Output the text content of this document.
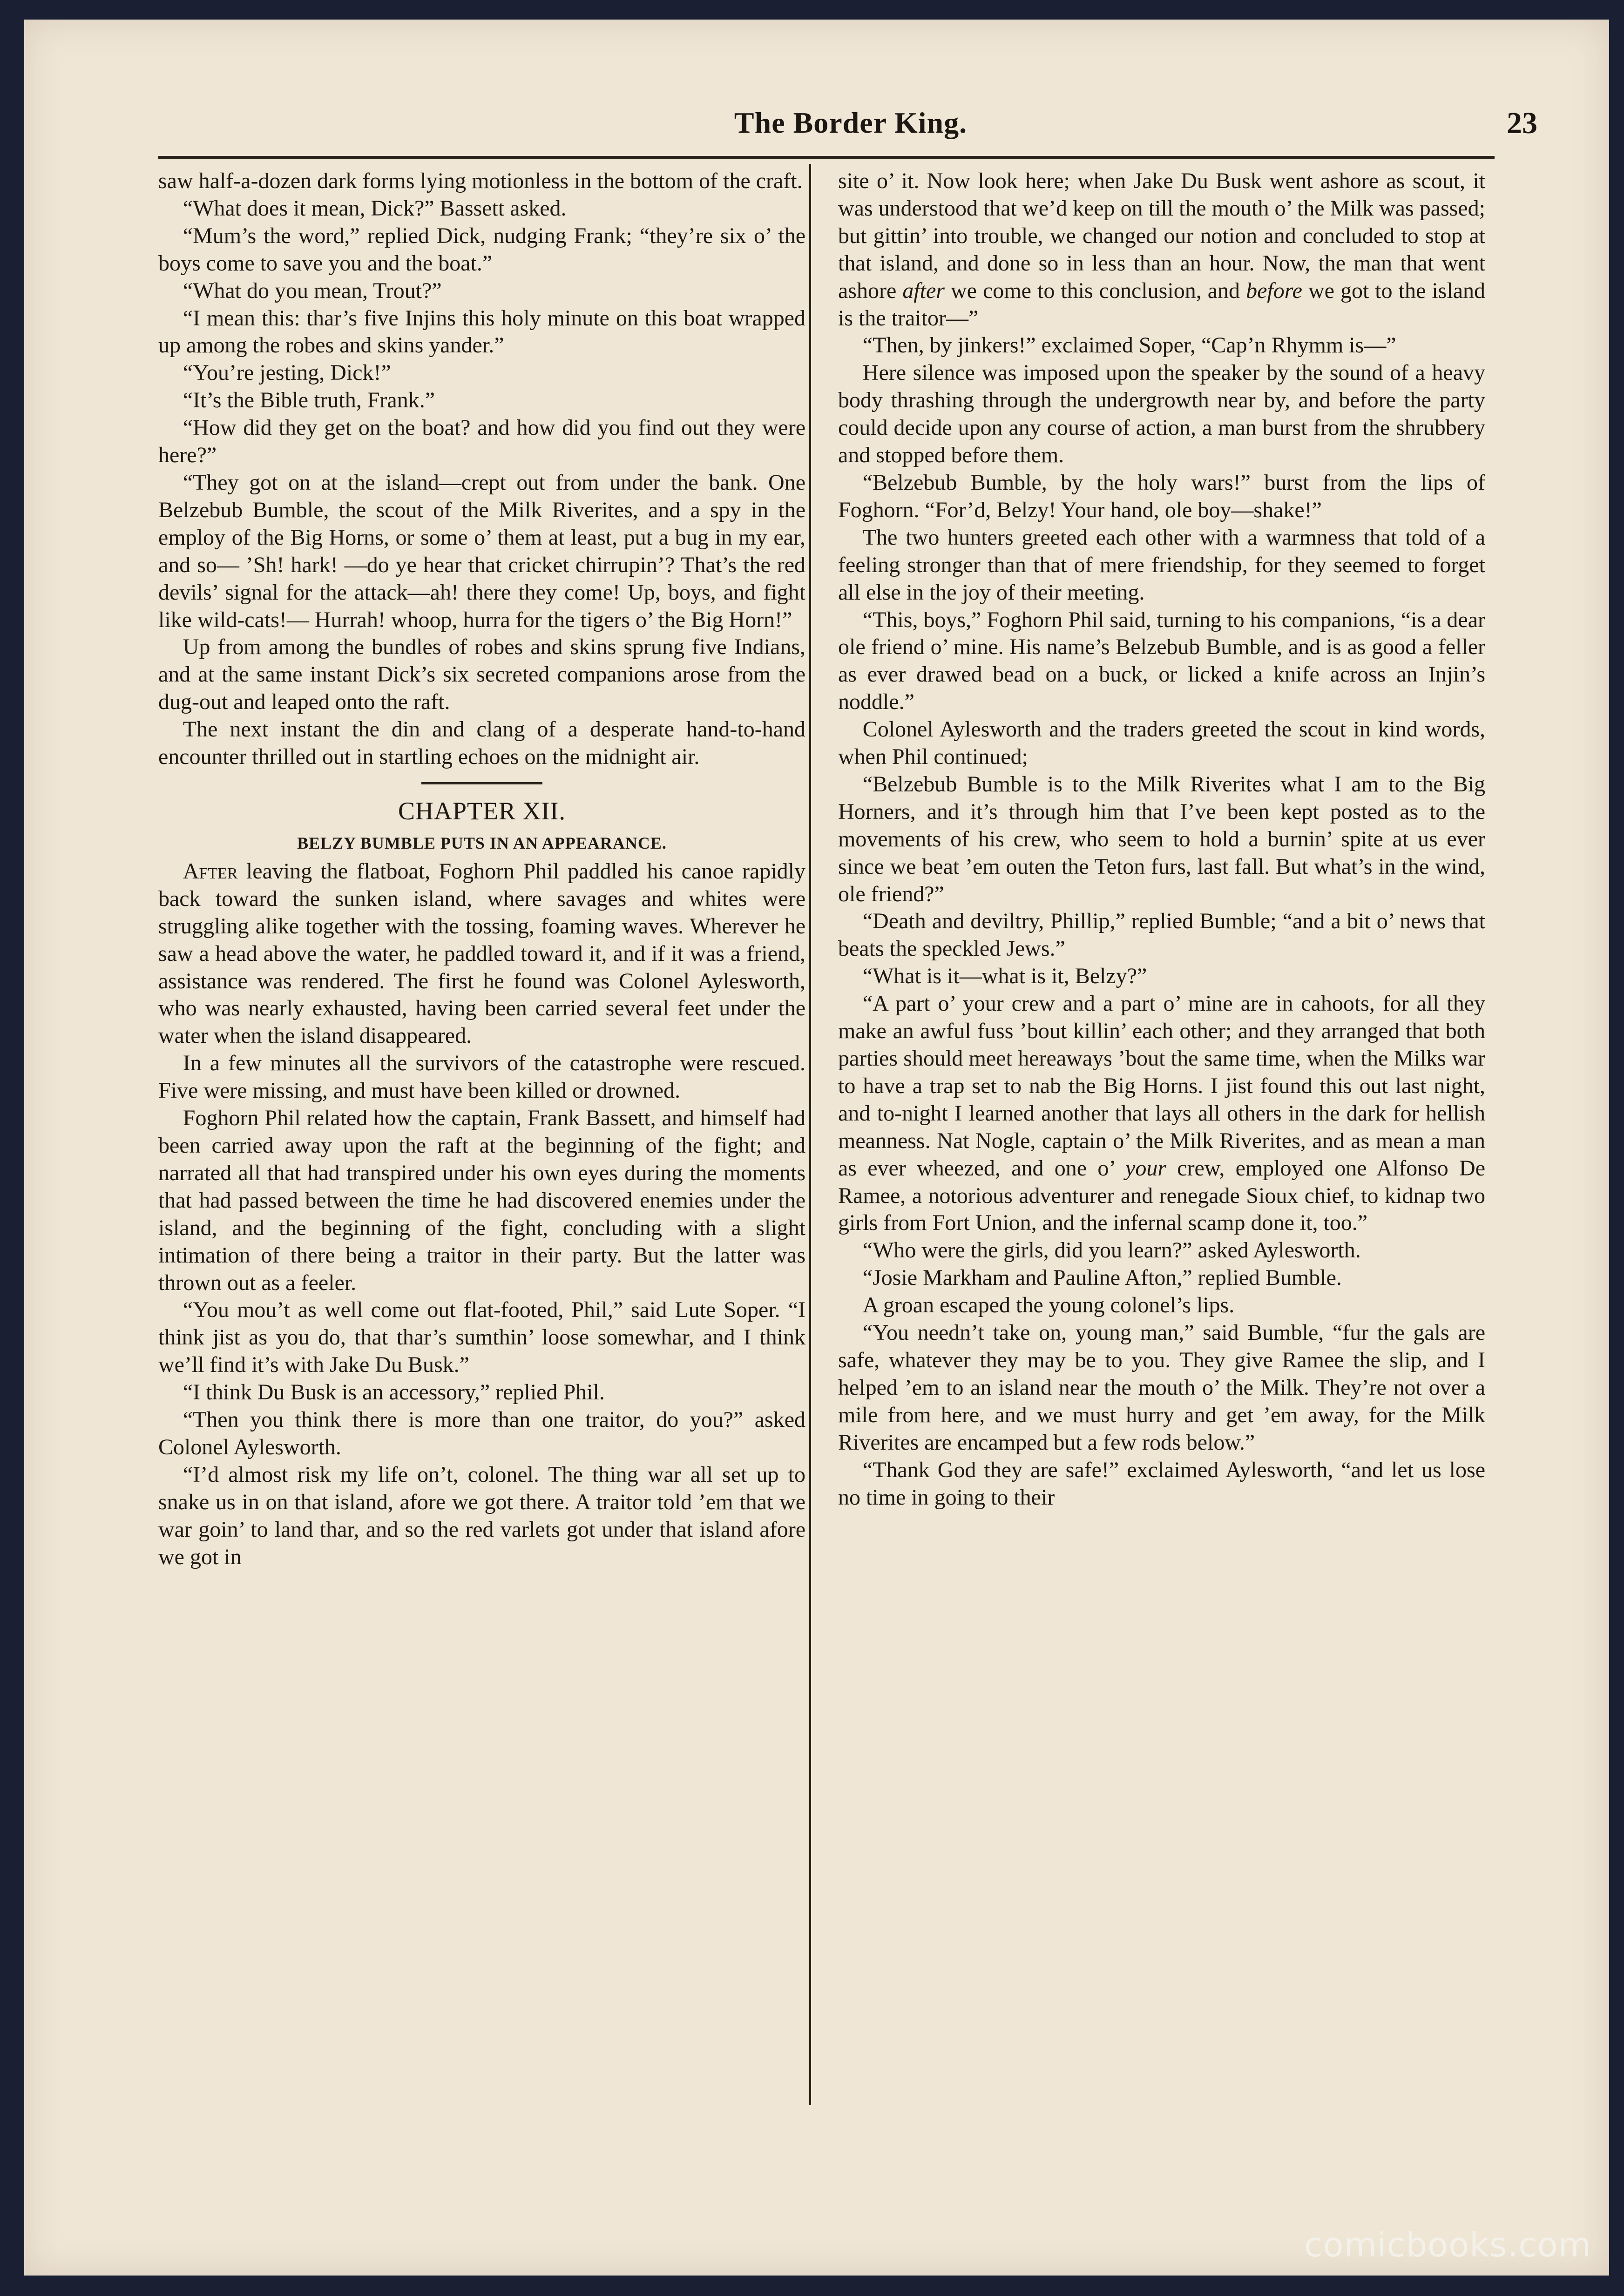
The Border King.	23

saw half-a-dozen dark forms lying motionless in the bottom of the craft.

“What does it mean, Dick?” Bassett asked.

“Mum’s the word,” replied Dick, nudging Frank; “they’re six o’ the boys come to save you and the boat.”

“What do you mean, Trout?”

“I mean this: thar’s five Injins this holy minute on this boat wrapped up among the robes and skins yander.”

“You’re jesting, Dick!”

“It’s the Bible truth, Frank.”

“How did they get on the boat? and how did you find out they were here?”

“They got on at the island—crept out from under the bank. One Belzebub Bumble, the scout of the Milk Riverites, and a spy in the employ of the Big Horns, or some o’ them at least, put a bug in my ear, and so— ’Sh! hark! —do ye hear that cricket chirrupin’? That’s the red devils’ signal for the attack—ah! there they come! Up, boys, and fight like wild-cats!— Hurrah! whoop, hurra for the tigers o’ the Big Horn!”

Up from among the bundles of robes and skins sprung five Indians, and at the same instant Dick’s six secreted companions arose from the dug-out and leaped onto the raft.

The next instant the din and clang of a desperate hand-to-hand encounter thrilled out in startling echoes on the midnight air.

CHAPTER XII.

BELZY BUMBLE PUTS IN AN APPEARANCE.

After leaving the flatboat, Foghorn Phil paddled his canoe rapidly back toward the sunken island, where savages and whites were struggling alike together with the tossing, foaming waves. Wherever he saw a head above the water, he paddled toward it, and if it was a friend, assistance was rendered. The first he found was Colonel Aylesworth, who was nearly exhausted, having been carried several feet under the water when the island disappeared.

In a few minutes all the survivors of the catastrophe were rescued. Five were missing, and must have been killed or drowned.

Foghorn Phil related how the captain, Frank Bassett, and himself had been carried away upon the raft at the beginning of the fight; and narrated all that had transpired under his own eyes during the moments that had passed between the time he had discovered enemies under the island, and the beginning of the fight, concluding with a slight intimation of there being a traitor in their party. But the latter was thrown out as a feeler.

“You mou’t as well come out flat-footed, Phil,” said Lute Soper. “I think jist as you do, that thar’s sumthin’ loose somewhar, and I think we’ll find it’s with Jake Du Busk.”

“I think Du Busk is an accessory,” replied Phil.

“Then you think there is more than one traitor, do you?” asked Colonel Aylesworth.

“I’d almost risk my life on’t, colonel. The thing war all set up to snake us in on that island, afore we got there. A traitor told ’em that we war goin’ to land thar, and so the red varlets got under that island afore we got in

site o’ it. Now look here; when Jake Du Busk went ashore as scout, it was understood that we’d keep on till the mouth o’ the Milk was passed; but gittin’ into trouble, we changed our notion and concluded to stop at that island, and done so in less than an hour. Now, the man that went ashore after we come to this conclusion, and before we got to the island is the traitor—”

“Then, by jinkers!” exclaimed Soper, “Cap’n Rhymm is—”

Here silence was imposed upon the speaker by the sound of a heavy body thrashing through the undergrowth near by, and before the party could decide upon any course of action, a man burst from the shrubbery and stopped before them.

“Belzebub Bumble, by the holy wars!” burst from the lips of Foghorn. “For’d, Belzy! Your hand, ole boy—shake!”

The two hunters greeted each other with a warmness that told of a feeling stronger than that of mere friendship, for they seemed to forget all else in the joy of their meeting.

“This, boys,” Foghorn Phil said, turning to his companions, “is a dear ole friend o’ mine. His name’s Belzebub Bumble, and is as good a feller as ever drawed bead on a buck, or licked a knife across an Injin’s noddle.”

Colonel Aylesworth and the traders greeted the scout in kind words, when Phil continued;

“Belzebub Bumble is to the Milk Riverites what I am to the Big Horners, and it’s through him that I’ve been kept posted as to the movements of his crew, who seem to hold a burnin’ spite at us ever since we beat ’em outen the Teton furs, last fall. But what’s in the wind, ole friend?”

“Death and deviltry, Phillip,” replied Bumble; “and a bit o’ news that beats the speckled Jews.”

“What is it—what is it, Belzy?”

“A part o’ your crew and a part o’ mine are in cahoots, for all they make an awful fuss ’bout killin’ each other; and they arranged that both parties should meet hereaways ’bout the same time, when the Milks war to have a trap set to nab the Big Horns. I jist found this out last night, and to-night I learned another that lays all others in the dark for hellish meanness. Nat Nogle, captain o’ the Milk Riverites, and as mean a man as ever wheezed, and one o’ your crew, employed one Alfonso De Ramee, a notorious adventurer and renegade Sioux chief, to kidnap two girls from Fort Union, and the infernal scamp done it, too.”

“Who were the girls, did you learn?” asked Aylesworth.

“Josie Markham and Pauline Afton,” replied Bumble.

A groan escaped the young colonel’s lips.

“You needn’t take on, young man,” said Bumble, “fur the gals are safe, whatever they may be to you. They give Ramee the slip, and I helped ’em to an island near the mouth o’ the Milk. They’re not over a mile from here, and we must hurry and get ’em away, for the Milk Riverites are encamped but a few rods below.”

“Thank God they are safe!” exclaimed Aylesworth, “and let us lose no time in going to their

comicbooks.com
